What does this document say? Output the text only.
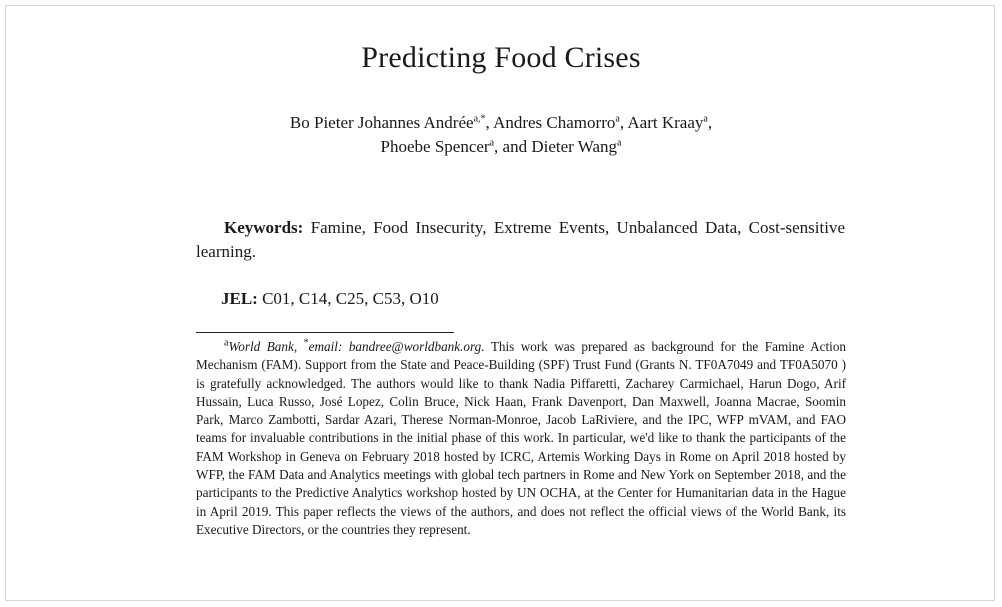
Predicting Food Crises
Bo Pieter Johannes Andrée$^{a,*}$, Andres Chamorro$^a$, Aart Kraay$^a$,
Phoebe Spencer$^a$, and Dieter Wang$^a$
Keywords: Famine, Food Insecurity, Extreme Events, Unbalanced Data, Cost-sensitive learning.
JEL: C01, C14, C25, C53, O10
$^a$World Bank, *email: bandree@worldbank.org. This work was prepared as background for the Famine Action Mechanism (FAM). Support from the State and Peace-Building (SPF) Trust Fund (Grants N. TF0A7049 and TF0A5070 ) is gratefully acknowledged. The authors would like to thank Nadia Piffaretti, Zacharey Carmichael, Harun Dogo, Arif Hussain, Luca Russo, José Lopez, Colin Bruce, Nick Haan, Frank Davenport, Dan Maxwell, Joanna Macrae, Soomin Park, Marco Zambotti, Sardar Azari, Therese Norman-Monroe, Jacob LaRiviere, and the IPC, WFP mVAM, and FAO teams for invaluable contributions in the initial phase of this work. In particular, we'd like to thank the participants of the FAM Workshop in Geneva on February 2018 hosted by ICRC, Artemis Working Days in Rome on April 2018 hosted by WFP, the FAM Data and Analytics meetings with global tech partners in Rome and New York on September 2018, and the participants to the Predictive Analytics workshop hosted by UN OCHA, at the Center for Humanitarian data in the Hague in April 2019. This paper reflects the views of the authors, and does not reflect the official views of the World Bank, its Executive Directors, or the countries they represent.
